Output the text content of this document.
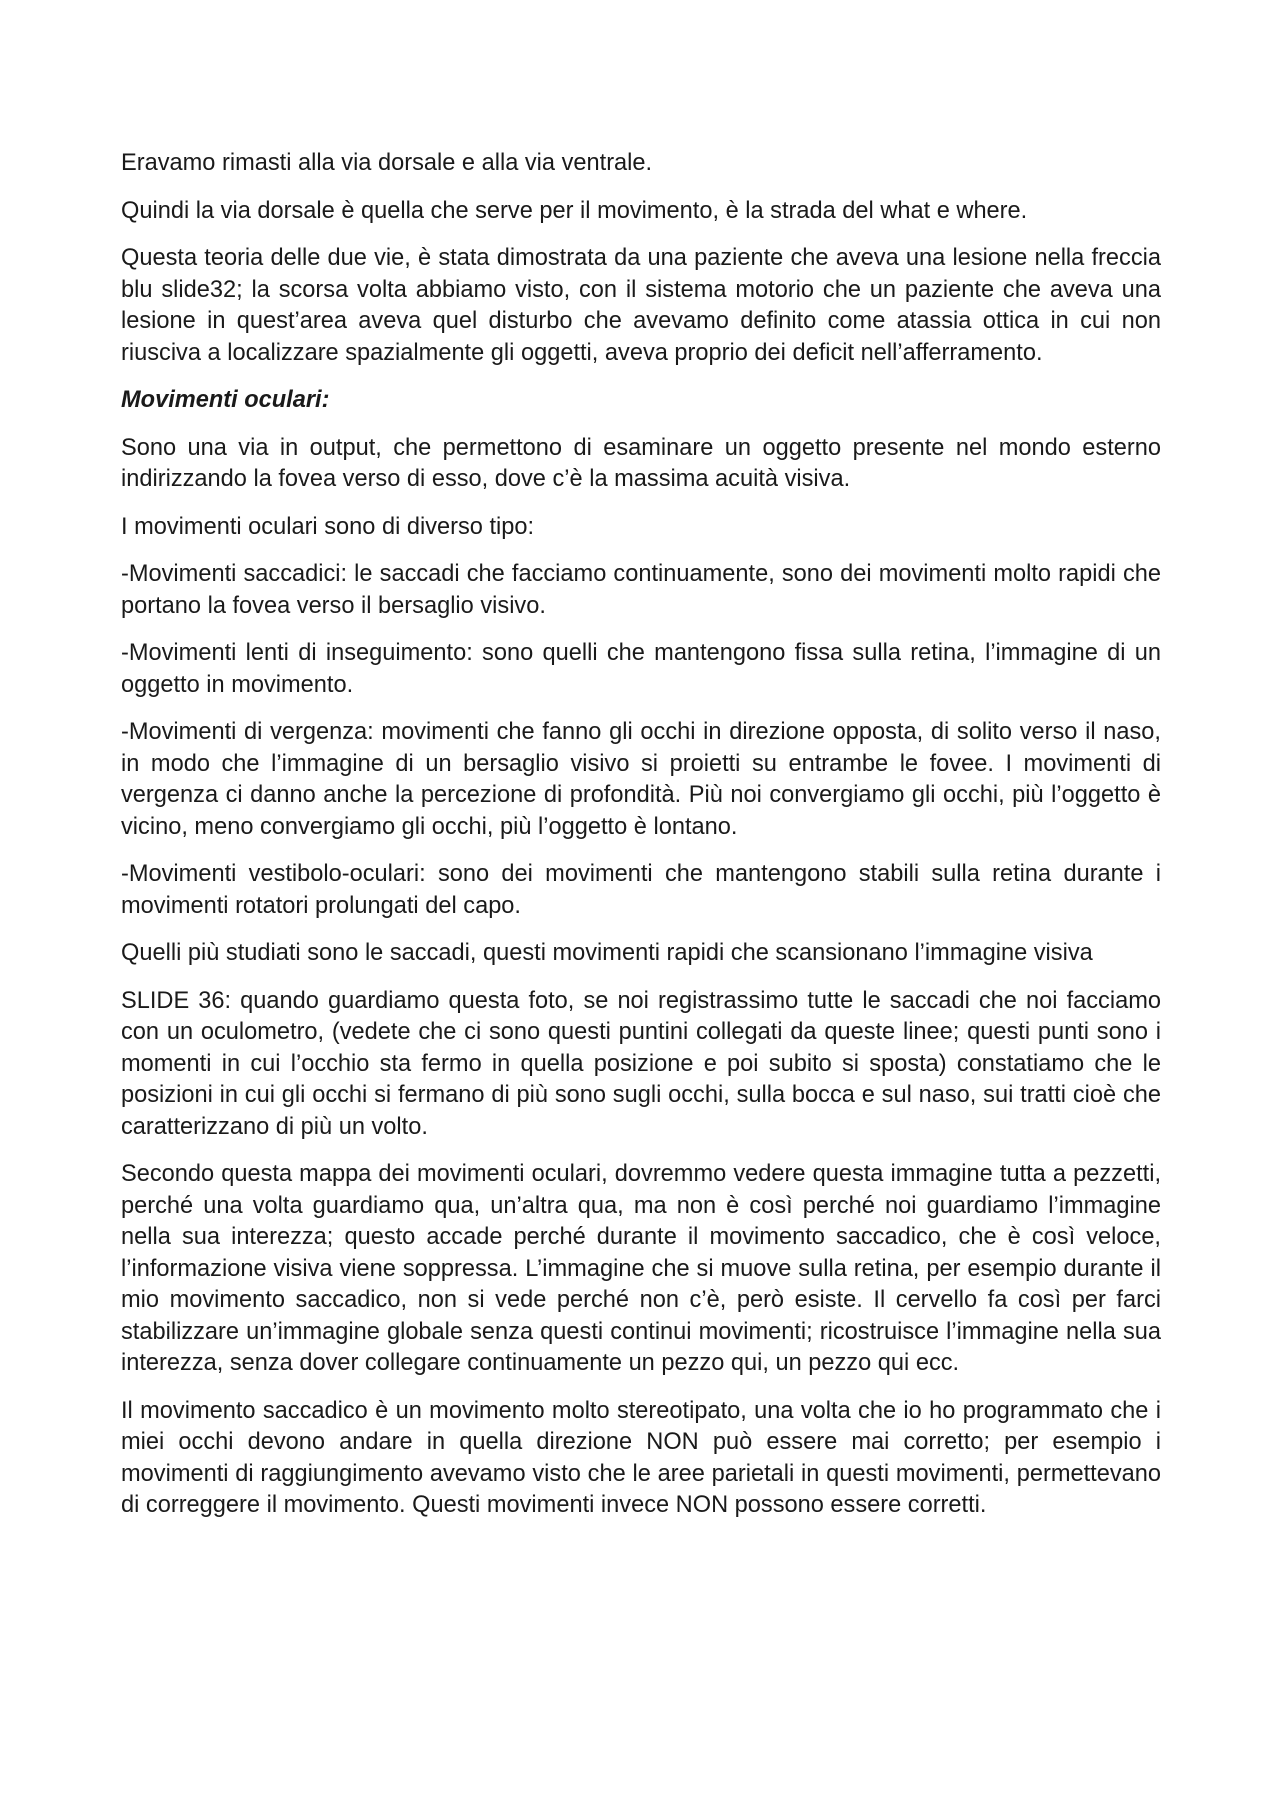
Eravamo rimasti alla via dorsale e alla via ventrale.

Quindi la via dorsale è quella che serve per il movimento, è la strada del what e where.

Questa teoria delle due vie, è stata dimostrata da una paziente che aveva una lesione nella freccia blu slide32; la scorsa volta abbiamo visto, con il sistema motorio che un paziente che aveva una lesione in quest’area aveva quel disturbo che avevamo definito come atassia ottica in cui non riusciva a localizzare spazialmente gli oggetti, aveva proprio dei deficit nell’afferramento.

Movimenti oculari:

Sono una via in output, che permettono di esaminare un oggetto presente nel mondo esterno indirizzando la fovea verso di esso, dove c’è la massima acuità visiva.

I movimenti oculari sono di diverso tipo:

-Movimenti saccadici: le saccadi che facciamo continuamente, sono dei movimenti molto rapidi che portano la fovea verso il bersaglio visivo.

-Movimenti lenti di inseguimento: sono quelli che mantengono fissa sulla retina, l’immagine di un oggetto in movimento.

-Movimenti di vergenza: movimenti che fanno gli occhi in direzione opposta, di solito verso il naso, in modo che l’immagine di un bersaglio visivo si proietti su entrambe le fovee. I movimenti di vergenza ci danno anche la percezione di profondità. Più noi convergiamo gli occhi, più l’oggetto è vicino, meno convergiamo gli occhi, più l’oggetto è lontano.

-Movimenti vestibolo-oculari: sono dei movimenti che mantengono stabili sulla retina durante i movimenti rotatori prolungati del capo.

Quelli più studiati sono le saccadi, questi movimenti rapidi che scansionano l’immagine visiva

SLIDE 36: quando guardiamo questa foto, se noi registrassimo tutte le saccadi che noi facciamo con un oculometro, (vedete che ci sono questi puntini collegati da queste linee; questi punti sono i momenti in cui l’occhio sta fermo in quella posizione e poi subito si sposta) constatiamo che le posizioni in cui gli occhi si fermano di più sono sugli occhi, sulla bocca e sul naso, sui tratti cioè che caratterizzano di più un volto.

Secondo questa mappa dei movimenti oculari, dovremmo vedere questa immagine tutta a pezzetti, perché una volta guardiamo qua, un’altra qua, ma non è così perché noi guardiamo l’immagine nella sua interezza; questo accade perché durante il movimento saccadico, che è così veloce, l’informazione visiva viene soppressa. L’immagine che si muove sulla retina, per esempio durante il mio movimento saccadico, non si vede perché non c’è, però esiste. Il cervello fa così per farci stabilizzare un’immagine globale senza questi continui movimenti; ricostruisce l’immagine nella sua interezza, senza dover collegare continuamente un pezzo qui, un pezzo qui ecc.

Il movimento saccadico è un movimento molto stereotipato, una volta che io ho programmato che i miei occhi devono andare in quella direzione NON può essere mai corretto; per esempio i movimenti di raggiungimento avevamo visto che le aree parietali in questi movimenti, permettevano di correggere il movimento. Questi movimenti invece NON possono essere corretti.
